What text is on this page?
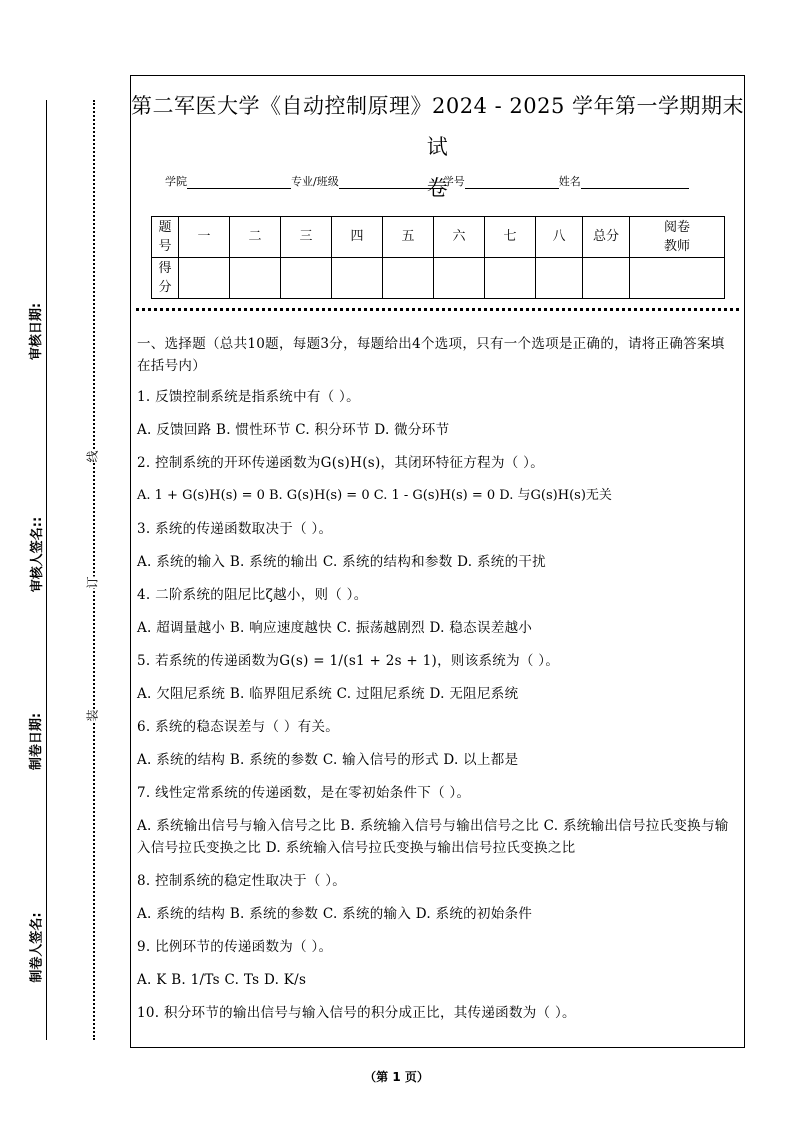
审核日期:
审核人签名::
制卷日期:
制卷人签名:
线
订
装
第二军医大学《自动控制原理》2024 - 2025 学年第一学期期末试
卷
学院	专业/班级	学号	姓名
题号	一	二	三	四	五	六	七	八	总分	阅卷教师

得分										

一、选择题（总共10题，每题3分，每题给出4个选项，只有一个选项是正确的，请将正确答案填在括号内）

1. 反馈控制系统是指系统中有（ ）。

A. 反馈回路 B. 惯性环节 C. 积分环节 D. 微分环节

2. 控制系统的开环传递函数为G(s)H(s)，其闭环特征方程为（ ）。

A. 1 + G(s)H(s) = 0 B. G(s)H(s) = 0 C. 1 - G(s)H(s) = 0 D. 与G(s)H(s)无关

3. 系统的传递函数取决于（ ）。

A. 系统的输入 B. 系统的输出 C. 系统的结构和参数 D. 系统的干扰

4. 二阶系统的阻尼比ζ越小，则（ ）。

A. 超调量越小 B. 响应速度越快 C. 振荡越剧烈 D. 稳态误差越小

5. 若系统的传递函数为G(s) = 1/(s1 + 2s + 1)，则该系统为（ ）。

A. 欠阻尼系统 B. 临界阻尼系统 C. 过阻尼系统 D. 无阻尼系统

6. 系统的稳态误差与（ ）有关。

A. 系统的结构 B. 系统的参数 C. 输入信号的形式 D. 以上都是

7. 线性定常系统的传递函数，是在零初始条件下（ ）。

A. 系统输出信号与输入信号之比 B. 系统输入信号与输出信号之比 C. 系统输出信号拉氏变换与输入信号拉氏变换之比 D. 系统输入信号拉氏变换与输出信号拉氏变换之比

8. 控制系统的稳定性取决于（ ）。

A. 系统的结构 B. 系统的参数 C. 系统的输入 D. 系统的初始条件

9. 比例环节的传递函数为（ ）。

A. K B. 1/Ts C. Ts D. K/s

10. 积分环节的输出信号与输入信号的积分成正比，其传递函数为（ ）。

（第 1 页）
